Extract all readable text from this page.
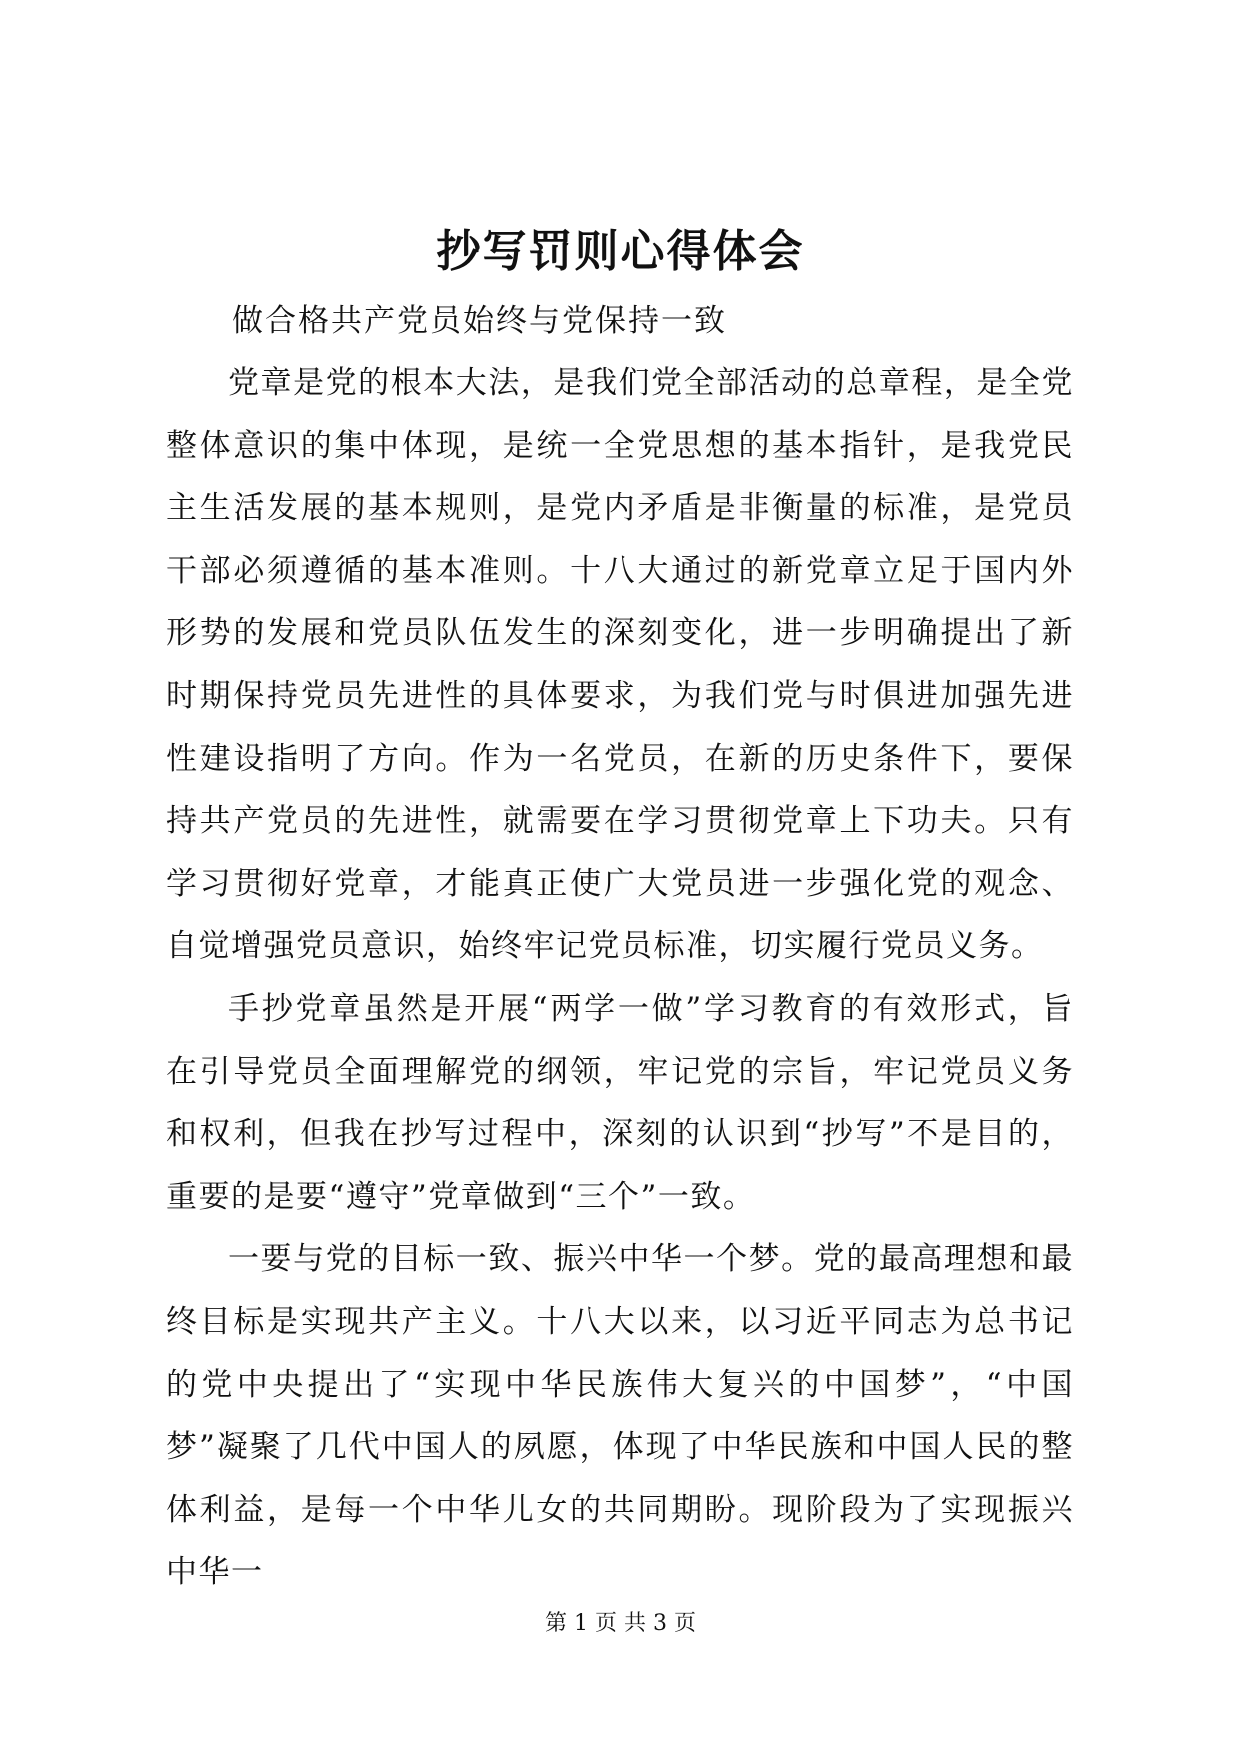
抄写罚则心得体会
做合格共产党员始终与党保持一致

党章是党的根本大法，是我们党全部活动的总章程，是全党整体意识的集中体现，是统一全党思想的基本指针，是我党民主生活发展的基本规则，是党内矛盾是非衡量的标准，是党员干部必须遵循的基本准则。十八大通过的新党章立足于国内外形势的发展和党员队伍发生的深刻变化，进一步明确提出了新时期保持党员先进性的具体要求，为我们党与时俱进加强先进性建设指明了方向。作为一名党员，在新的历史条件下，要保持共产党员的先进性，就需要在学习贯彻党章上下功夫。只有学习贯彻好党章，才能真正使广大党员进一步强化党的观念、自觉增强党员意识，始终牢记党员标准，切实履行党员义务。

手抄党章虽然是开展“两学一做”学习教育的有效形式，旨在引导党员全面理解党的纲领，牢记党的宗旨，牢记党员义务和权利，但我在抄写过程中，深刻的认识到“抄写”不是目的，重要的是要“遵守”党章做到“三个”一致。

一要与党的目标一致、振兴中华一个梦。党的最高理想和最终目标是实现共产主义。十八大以来，以习近平同志为总书记的党中央提出了“实现中华民族伟大复兴的中国梦”，“中国梦”凝聚了几代中国人的夙愿，体现了中华民族和中国人民的整体利益，是每一个中华儿女的共同期盼。现阶段为了实现振兴中华一

第 1 页 共 3 页
